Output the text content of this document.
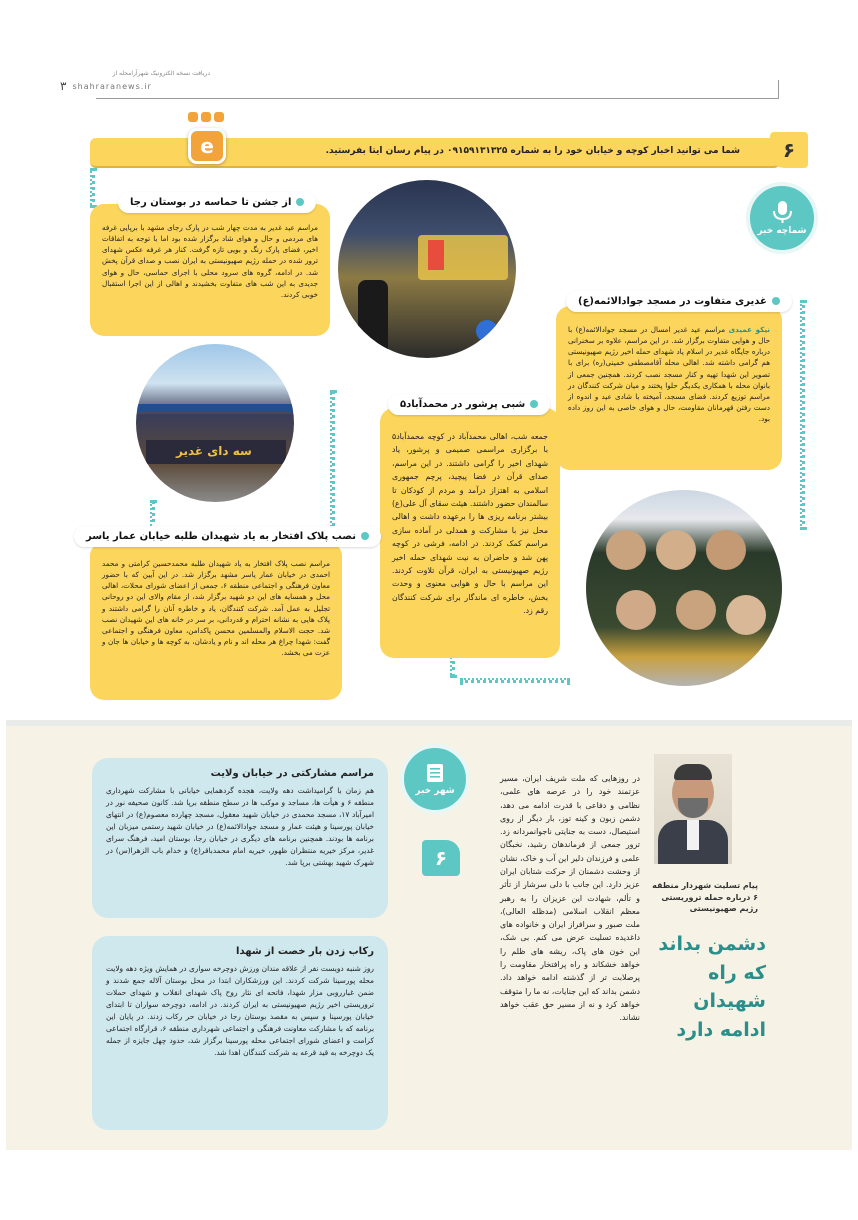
دریافت نسخه الکترونیک شهرآرامحله از
۳ shahraranews.ir
شما می توانید اخبار کوچه و خیابان خود را به شماره ۰۹۱۵۹۱۳۱۳۲۵ در پیام رسان ایتا بفرستید.
e	۶
شماچه خبر

مراسم عید غدیر به مدت چهار شب در پارک رجای مشهد با برپایی غرفه های مردمی و حال و هوای شاد برگزار شده بود اما با توجه به اتفاقات اخیر، فضای پارک رنگ و بویی تازه گرفت. کنار هر غرفه عکس شهدای ترور شده در حمله رژیم صهیونیستی به ایران نصب و صدای قرآن پخش شد. در ادامه، گروه های سرود محلی با اجرای حماسی، حال و هوای جدیدی به این شب های متفاوت بخشیدند و اهالی از این اجرا استقبال خوبی کردند.

از جشن تا حماسه در بوستان رجا

نیکو عمیدی مراسم عید غدیر امسال در مسجد جوادالائمه(ع) با حال و هوایی متفاوت برگزار شد. در این مراسم، علاوه بر سخنرانی درباره جایگاه غدیر در اسلام یاد شهدای حمله اخیر رژیم صهیونیستی هم گرامی داشته شد. اهالی محله آقامصطفی خمینی(ره) برای با تصویر این شهدا تهیه و کنار مسجد نصب کردند. همچنین جمعی از بانوان محله با همکاری یکدیگر حلوا پختند و میان شرکت کنندگان در مراسم توزیع کردند. فضای مسجد، آمیخته با شادی عید و اندوه از دست رفتن قهرمانان مقاومت، حال و هوای خاصی به این روز داده بود.

غدیری متفاوت در مسجد جوادالائمه(ع)
سه دای غدیر

جمعه شب، اهالی محمدآباد در کوچه محمدآباد۵ با برگزاری مراسمی صمیمی و پرشور، یاد شهدای اخیر را گرامی داشتند. در این مراسم، صدای قرآن در فضا پیچید، پرچم جمهوری اسلامی به اهتزاز درآمد و مردم از کودکان تا سالمندان حضور داشتند. هیئت سقای آل علی(ع) بیشتر برنامه ریزی ها را برعهده داشت و اهالی محل نیز با مشارکت و همدلی در آماده سازی مراسم کمک کردند. در ادامه، فرشی در کوچه پهن شد و حاضران به نیت شهدای حمله اخیر رژیم صهیونیستی به ایران، قرآن تلاوت کردند. این مراسم با حال و هوایی معنوی و وحدت بخش، خاطره ای ماندگار برای شرکت کنندگان رقم زد.

شبی پرشور در محمدآباد۵

مراسم نصب پلاک افتخار به یاد شهیدان طلبه محمدحسین کرامتی و محمد احمدی در خیابان عمار یاسر مشهد برگزار شد. در این آیین که با حضور معاون فرهنگی و اجتماعی منطقه ۶، جمعی از اعضای شورای محلات، اهالی محل و همسایه های این دو شهید برگزار شد، از مقام والای این دو روحانی تجلیل به عمل آمد. شرکت کنندگان، یاد و خاطره آنان را گرامی داشتند و پلاک هایی به نشانه احترام و قدردانی، بر سر در خانه های این شهیدان نصب شد. حجت الاسلام والمسلمین محسن پاکدامن، معاون فرهنگی و اجتماعی گفت: شهدا چراغ هر محله اند و نام و یادشان، به کوچه ها و خیابان ها جان و عزت می بخشد.

نصب پلاک افتخار به یاد شهیدان طلبه خیابان عمار یاسر
شهر خبر
۶
مراسم مشارکتی در خیابان ولایت

هم زمان با گرامیداشت دهه ولایت، هجده گردهمایی خیابانی با مشارکت شهرداری منطقه ۶ و هیأت ها، مساجد و موکب ها در سطح منطقه برپا شد. کانون صحیفه نور در امیرآباد ۱۷، مسجد محمدی در خیابان شهید معقول، مسجد چهارده معصوم(ع) در انتهای خیابان پورسینا و هیئت عمار و مسجد جوادالائمه(ع) در خیابان شهید رستمی میزبان این برنامه ها بودند. همچنین برنامه های دیگری در خیابان رجا، بوستان امید، فرهنگ سرای غدیر، مرکز خیریه منتظران ظهور، خیریه امام محمدباقر(ع) و خدام باب الزهرا(س) در شهرک شهید بهشتی برپا شد.

رکاب زدن بار خصت از شهدا

روز شنبه دویست نفر از علاقه مندان ورزش دوچرخه سواری در همایش ویژه دهه ولایت محله پورسینا شرکت کردند. این ورزشکاران ابتدا در محل بوستان آلاله جمع شدند و ضمن غبارروبی مزار شهدا، فاتحه ای نثار روح پاک شهدای انقلاب و شهدای حملات تروریستی اخیر رژیم صهیونیستی به ایران کردند. در ادامه، دوچرخه سواران تا ابتدای خیابان پورسینا و سپس به مقصد بوستان رجا در خیابان حر رکاب زدند. در پایان این برنامه که با مشارکت معاونت فرهنگی و اجتماعی شهرداری منطقه ۶، قرارگاه اجتماعی کرامت و اعضای شورای اجتماعی محله پورسینا برگزار شد، حدود چهل جایزه از جمله یک دوچرخه به قید قرعه به شرکت کنندگان اهدا شد.

در روزهایی که ملت شریف ایران، مسیر عزتمند خود را در عرصه های علمی، نظامی و دفاعی با قدرت ادامه می دهد، دشمن زبون و کینه توز، بار دیگر از روی استیصال، دست به جنایتی ناجوانمردانه زد. ترور جمعی از فرماندهان رشید، نخبگان علمی و فرزندان دلیر این آب و خاک، نشان از وحشت دشمنان از حرکت شتابان ایران عزیز دارد. این جانب با دلی سرشار از تأثر و تألم، شهادت این عزیزان را به رهبر معظم انقلاب اسلامی (مدظله العالی)، ملت صبور و سرافراز ایران و خانواده های داغدیده تسلیت عرض می کنم. بی شک، این خون های پاک، ریشه های ظلم را خواهد خشکاند و راه پرافتخار مقاومت را پرصلابت تر از گذشته ادامه خواهد داد. دشمن بداند که این جنایات، نه ما را متوقف خواهد کرد و نه از مسیر حق عقب خواهد نشاند.

پیام تسلیت شهردار منطقه ۶ درباره حمله تروریستی رژیم صهیونیستی
دشمن بداند که راه شهیدان ادامه دارد
